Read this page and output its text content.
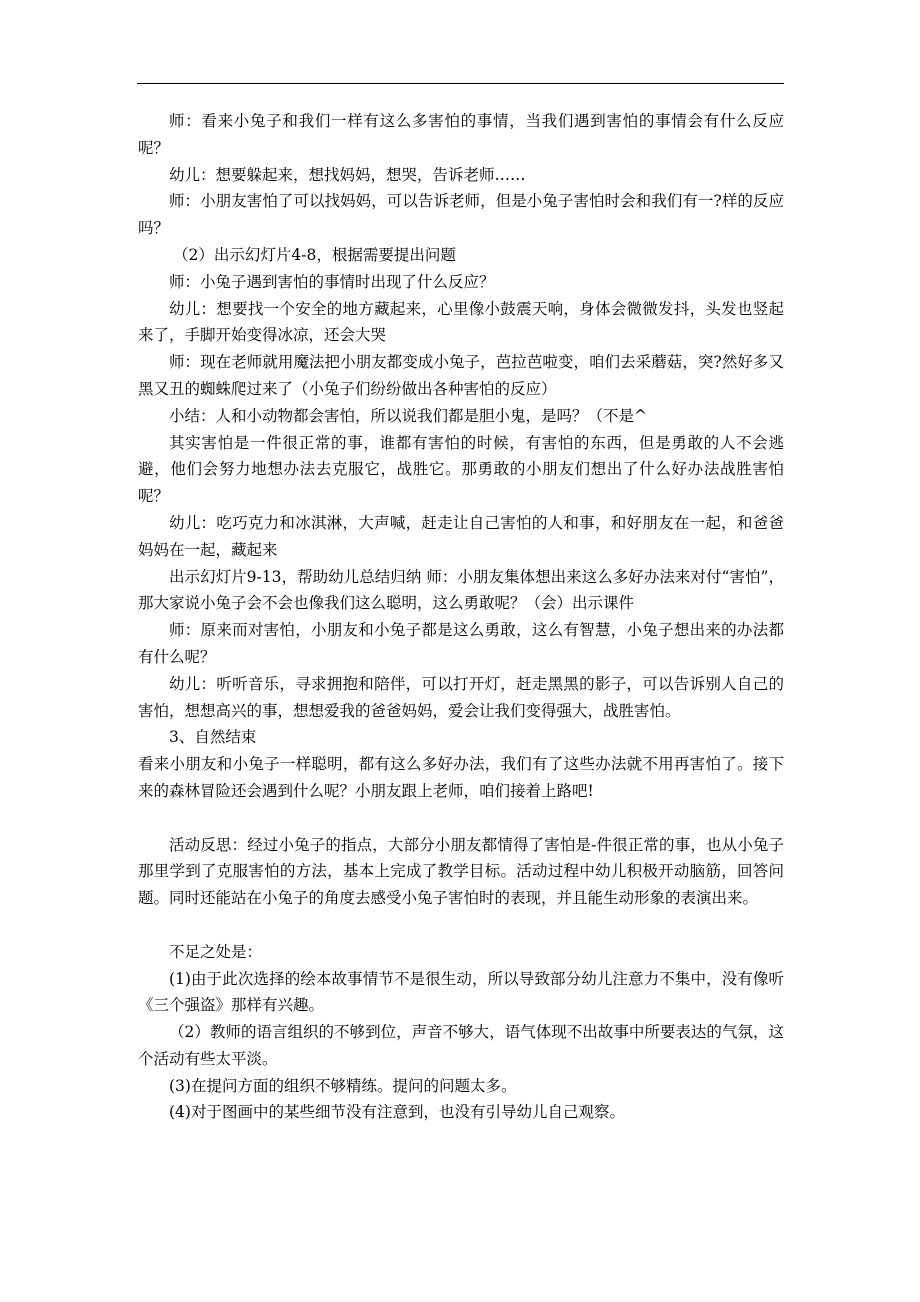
师：看来小兔子和我们一样有这么多害怕的事情，当我们遇到害怕的事情会有什么反应呢？

幼儿：想要躲起来，想找妈妈，想哭，告诉老师……

师：小朋友害怕了可以找妈妈，可以告诉老师，但是小兔子害怕时会和我们有一?样的反应吗？

（2）出示幻灯片4-8，根据需要提出问题

师：小兔子遇到害怕的事情时出现了什么反应？

幼儿：想要找一个安全的地方藏起来，心里像小鼓震天响，身体会微微发抖，头发也竖起来了，手脚开始变得冰凉，还会大哭

师：现在老师就用魔法把小朋友都变成小兔子，芭拉芭啦变，咱们去采蘑菇，突?然好多又黑又丑的蜘蛛爬过来了（小兔子们纷纷做出各种害怕的反应）

小结：人和小动物都会害怕，所以说我们都是胆小鬼，是吗？（不是^

其实害怕是一件很正常的事，谁都有害怕的时候，有害怕的东西，但是勇敢的人不会逃避，他们会努力地想办法去克服它，战胜它。那勇敢的小朋友们想出了什么好办法战胜害怕呢？

幼儿：吃巧克力和冰淇淋，大声喊，赶走让自己害怕的人和事，和好朋友在一起，和爸爸妈妈在一起，藏起来

出示幻灯片9-13，帮助幼儿总结归纳 师：小朋友集体想出来这么多好办法来对付“害怕”，那大家说小兔子会不会也像我们这么聪明，这么勇敢呢？（会）出示课件

师：原来而对害怕，小朋友和小兔子都是这么勇敢，这么有智慧，小兔子想出来的办法都有什么呢？

幼儿：听听音乐，寻求拥抱和陪伴，可以打开灯，赶走黑黑的影子，可以告诉别人自己的害怕，想想高兴的事，想想爱我的爸爸妈妈，爱会让我们变得强大，战胜害怕。

3、自然结束

看来小朋友和小兔子一样聪明，都有这么多好办法，我们有了这些办法就不用再害怕了。接下来的森林冒险还会遇到什么呢？小朋友跟上老师，咱们接着上路吧!

活动反思：经过小兔子的指点，大部分小朋友都情得了害怕是-件很正常的事，也从小兔子那里学到了克服害怕的方法，基本上完成了教学目标。活动过程中幼儿积极开动脑筋，回答问题。同时还能站在小兔子的角度去感受小兔子害怕时的表现，并且能生动形象的表演出来。

不足之处是：

(1)由于此次选择的绘本故事情节不是很生动，所以导致部分幼儿注意力不集中，没有像听《三个强盗》那样有兴趣。

（2）教师的语言组织的不够到位，声音不够大，语气体现不出故事中所要表达的气氛，这个活动有些太平淡。

(3)在提问方面的组织不够精练。提问的问题太多。

(4)对于图画中的某些细节没有注意到，也没有引导幼儿自己观察。
